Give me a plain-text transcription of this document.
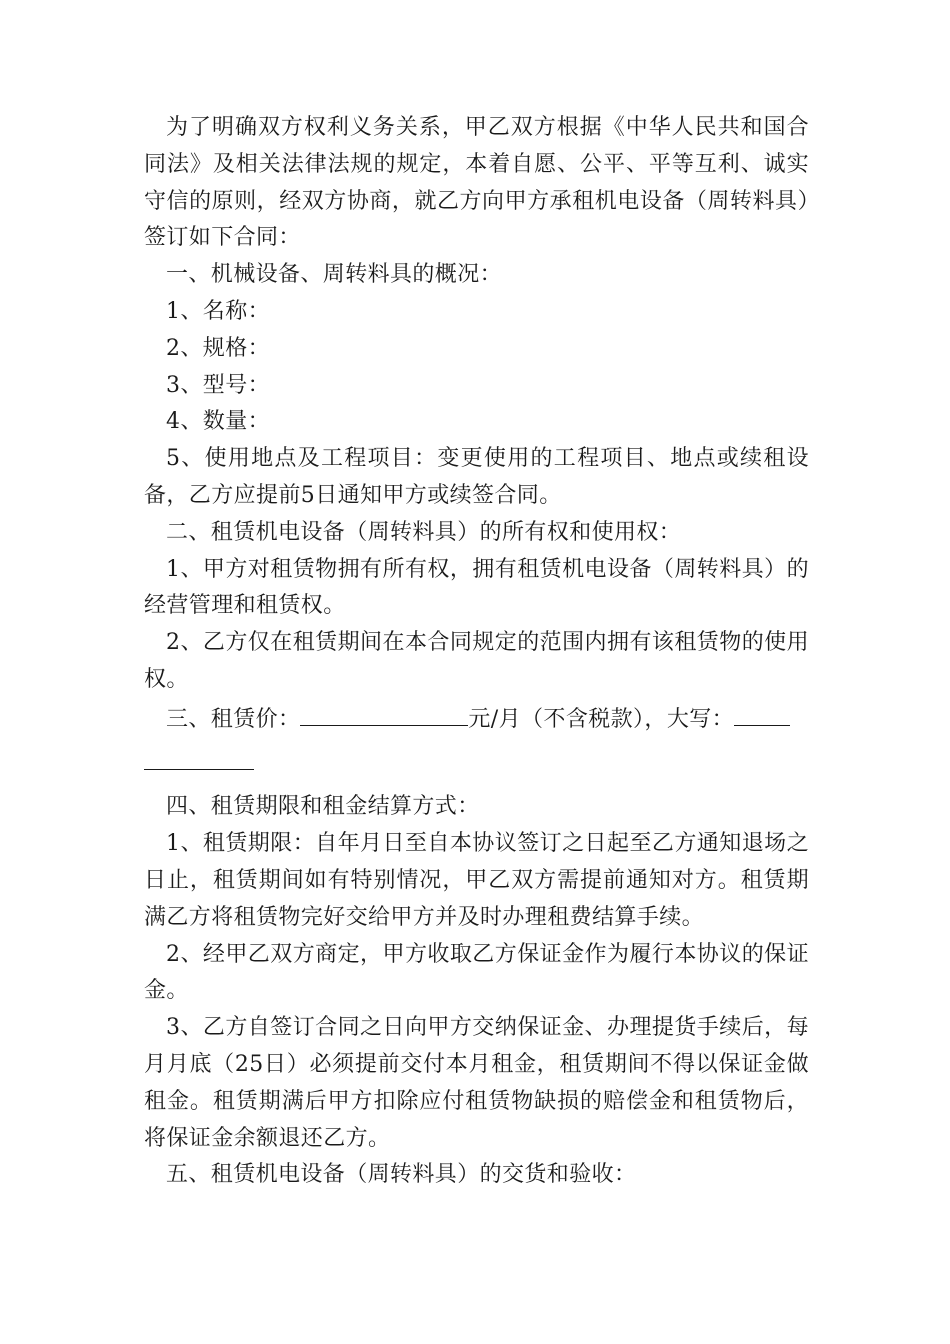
为了明确双方权利义务关系，甲乙双方根据《中华人民共和国合同法》及相关法律法规的规定，本着自愿、公平、平等互利、诚实守信的原则，经双方协商，就乙方向甲方承租机电设备（周转料具）签订如下合同：

一、机械设备、周转料具的概况：

1、名称：

2、规格：

3、型号：

4、数量：

5、使用地点及工程项目：变更使用的工程项目、地点或续租设备，乙方应提前5日通知甲方或续签合同。

二、租赁机电设备（周转料具）的所有权和使用权：

1、甲方对租赁物拥有所有权，拥有租赁机电设备（周转料具）的经营管理和租赁权。

2、乙方仅在租赁期间在本合同规定的范围内拥有该租赁物的使用权。

三、租赁价：	元/月（不含税款），大写：

四、租赁期限和租金结算方式：

1、租赁期限：自年月日至自本协议签订之日起至乙方通知退场之日止，租赁期间如有特别情况，甲乙双方需提前通知对方。租赁期满乙方将租赁物完好交给甲方并及时办理租费结算手续。

2、经甲乙双方商定，甲方收取乙方保证金作为履行本协议的保证金。

3、乙方自签订合同之日向甲方交纳保证金、办理提货手续后，每月月底（25日）必须提前交付本月租金，租赁期间不得以保证金做租金。租赁期满后甲方扣除应付租赁物缺损的赔偿金和租赁物后，将保证金余额退还乙方。

五、租赁机电设备（周转料具）的交货和验收：
